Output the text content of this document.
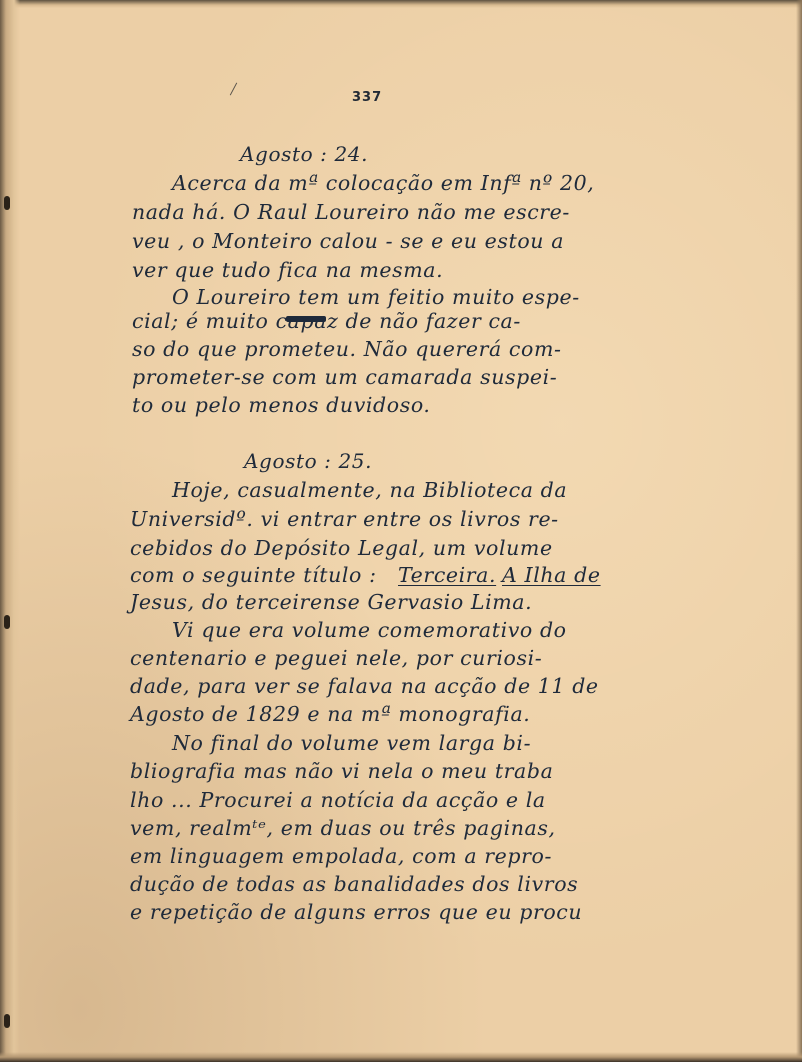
337
Agosto : 24.
Acerca da mª colocação em Infª nº 20,
nada há. O Raul Loureiro não me escre-
veu , o Monteiro calou - se e eu estou a
ver que tudo fica na mesma.
O Loureiro tem um feitio muito espe-
cial; é muito capaz de não fazer ca-
so do que prometeu. Não quererá com-
prometer-se com um camarada suspei-
to ou pelo menos duvidoso.
Agosto : 25.
Hoje, casualmente, na Biblioteca da
Universidº. vi entrar entre os livros re-
cebidos do Depósito Legal, um volume
com o seguinte título : Terceira. A Ilha de
Jesus, do terceirense Gervasio Lima.
Vi que era volume comemorativo do
centenario e peguei nele, por curiosi-
dade, para ver se falava na acção de 11 de
Agosto de 1829 e na mª monografia.
No final do volume vem larga bi-
bliografia mas não vi nela o meu traba
lho ... Procurei a notícia da acção e la
vem, realmᵗᵉ, em duas ou três paginas,
em linguagem empolada, com a repro-
dução de todas as banalidades dos livros
e repetição de alguns erros que eu procu
